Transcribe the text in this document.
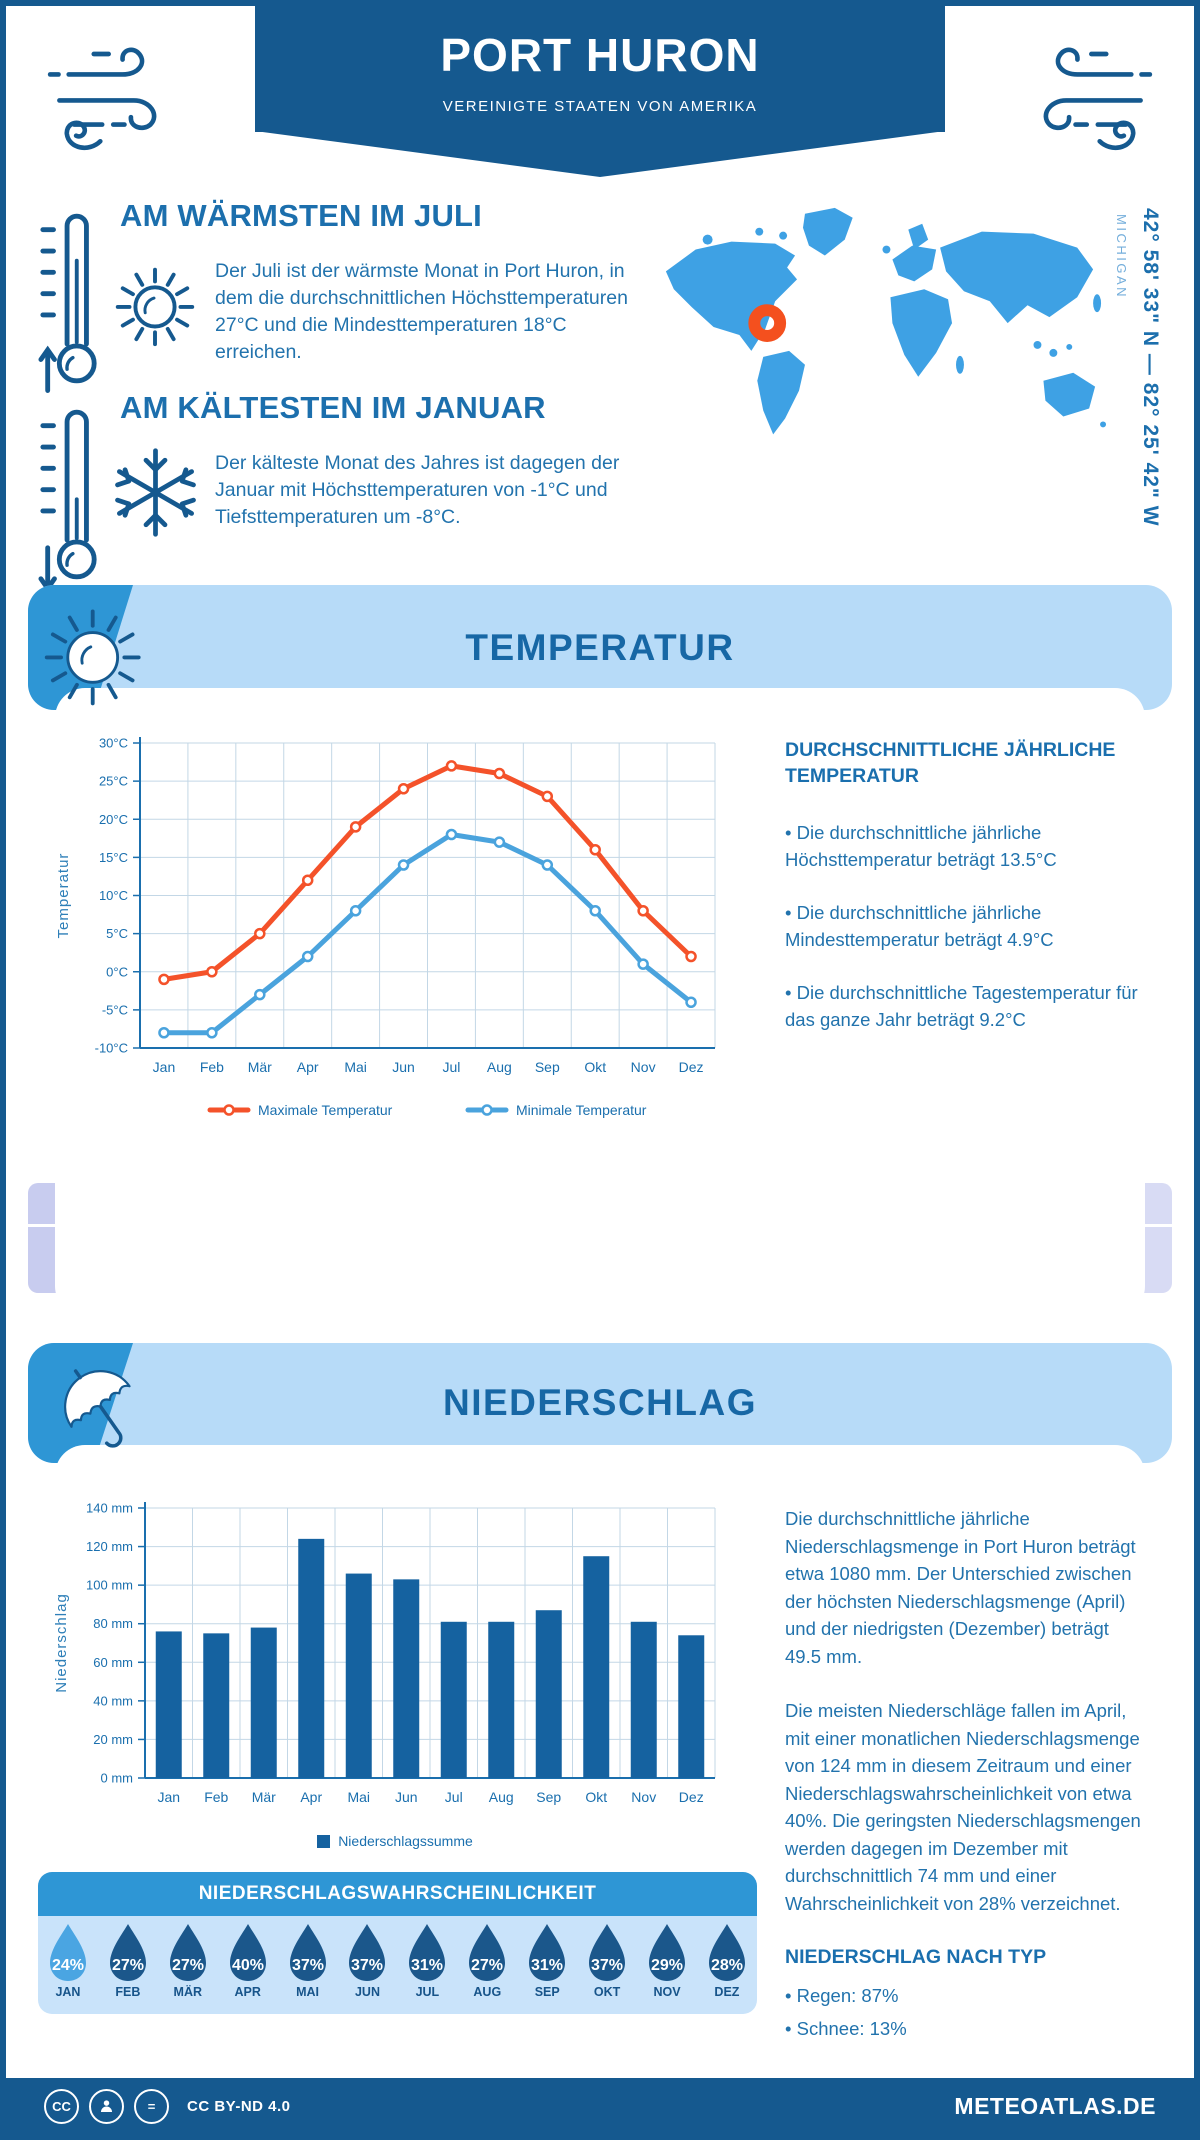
PORT HURON
VEREINIGTE STAATEN VON AMERIKA
AM WÄRMSTEN IM JULI
Der Juli ist der wärmste Monat in Port Huron, in dem die durchschnittlichen Höchsttemperaturen 27°C und die Mindesttemperaturen 18°C erreichen.
AM KÄLTESTEN IM JANUAR
Der kälteste Monat des Jahres ist dagegen der Januar mit Höchsttemperaturen von -1°C und Tiefsttemperaturen um -8°C.	42° 58' 33" N — 82° 25' 42" W
MICHIGAN
TEMPERATUR
-10°C
-5°C
0°C
5°C
10°C
15°C
20°C
25°C
30°C
Temperatur
Jan Feb Mär Apr Mai Jun Jul Aug Sep Okt Nov Dez
Maximale Temperatur	Minimale Temperatur
DURCHSCHNITTLICHE JÄHRLICHE TEMPERATUR

• Die durchschnittliche jährliche Höchsttemperatur beträgt 13.5°C

• Die durchschnittliche jährliche Mindesttemperatur beträgt 4.9°C

• Die durchschnittliche Tagestemperatur für das ganze Jahr beträgt 9.2°C

NIEDERSCHLAG
0 mm
20 mm
40 mm
60 mm
80 mm
100 mm
120 mm
140 mm
Niederschlag
Jan Feb Mär Apr Mai Jun Jul Aug Sep Okt Nov Dez
Niederschlagssumme

Die durchschnittliche jährliche Niederschlagsmenge in Port Huron beträgt etwa 1080 mm. Der Unterschied zwischen der höchsten Niederschlagsmenge (April) und der niedrigsten (Dezember) beträgt 49.5 mm.

Die meisten Niederschläge fallen im April, mit einer monatlichen Niederschlagsmenge von 124 mm in diesem Zeitraum und einer Niederschlagswahrscheinlichkeit von etwa 40%. Die geringsten Niederschlagsmengen werden dagegen im Dezember mit durchschnittlich 74 mm und einer Wahrscheinlichkeit von 28% verzeichnet.

NIEDERSCHLAG NACH TYP

• Regen: 87%

• Schnee: 13%

NIEDERSCHLAGSWAHRSCHEINLICHKEIT
24%
JAN
27%
FEB
27%
MÄR
40%
APR
37%
MAI
37%
JUN
31%
JUL
27%
AUG
31%
SEP
37%
OKT
29%
NOV
28%
DEZ
CC	=	CC BY-ND 4.0	METEOATLAS.DE
